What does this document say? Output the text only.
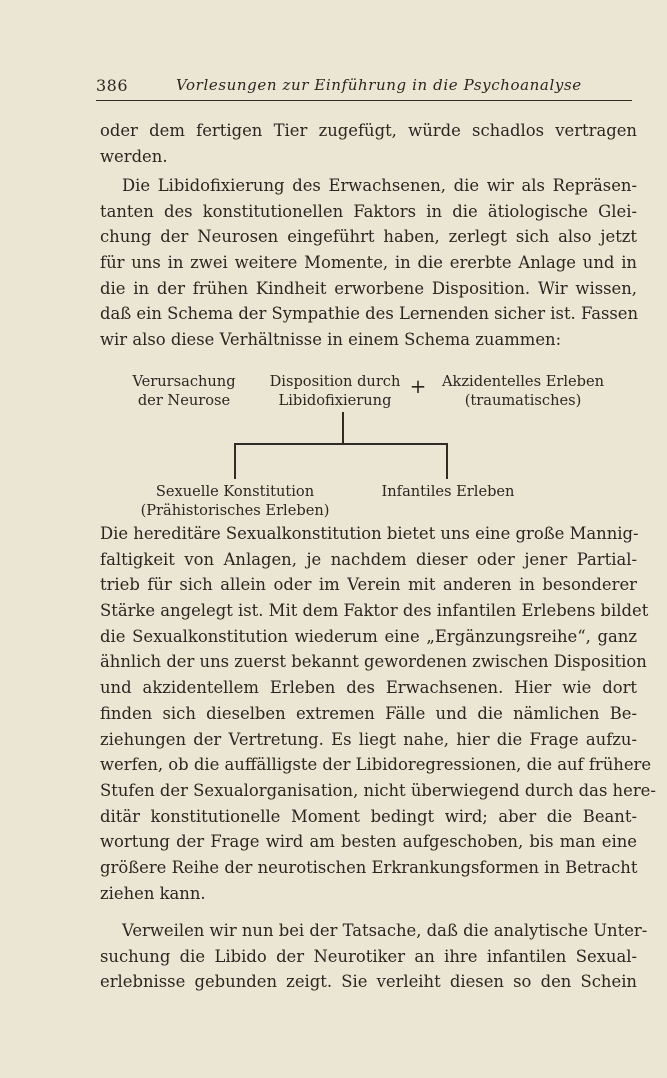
386	Vorlesungen zur Einführung in die Psychoanalyse
oder dem fertigen Tier zugefügt, würde schadlos vertragen
werden.
Die Libidofixierung des Erwachsenen, die wir als Repräsen-
tanten des konstitutionellen Faktors in die ätiologische Glei-
chung der Neurosen eingeführt haben, zerlegt sich also jetzt
für uns in zwei weitere Momente, in die ererbte Anlage und in
die in der frühen Kindheit erworbene Disposition. Wir wissen,
daß ein Schema der Sympathie des Lernenden sicher ist. Fassen
wir also diese Verhältnisse in einem Schema zuammen:
Verursachung
der Neurose
Disposition durch
Libidofixierung
+	Akzidentelles Erleben
(traumatisches)
Sexuelle Konstitution
(Prähistorisches Erleben)
Infantiles Erleben
Die hereditäre Sexualkonstitution bietet uns eine große Mannig-
faltigkeit von Anlagen, je nachdem dieser oder jener Partial-
trieb für sich allein oder im Verein mit anderen in besonderer
Stärke angelegt ist. Mit dem Faktor des infantilen Erlebens bildet
die Sexualkonstitution wiederum eine „Ergänzungsreihe“, ganz
ähnlich der uns zuerst bekannt gewordenen zwischen Disposition
und akzidentellem Erleben des Erwachsenen. Hier wie dort
finden sich dieselben extremen Fälle und die nämlichen Be-
ziehungen der Vertretung. Es liegt nahe, hier die Frage aufzu-
werfen, ob die auffälligste der Libidoregressionen, die auf frühere
Stufen der Sexualorganisation, nicht überwiegend durch das here-
ditär konstitutionelle Moment bedingt wird; aber die Beant-
wortung der Frage wird am besten aufgeschoben, bis man eine
größere Reihe der neurotischen Erkrankungsformen in Betracht
ziehen kann.
Verweilen wir nun bei der Tatsache, daß die analytische Unter-
suchung die Libido der Neurotiker an ihre infantilen Sexual-
erlebnisse gebunden zeigt. Sie verleiht diesen so den Schein
